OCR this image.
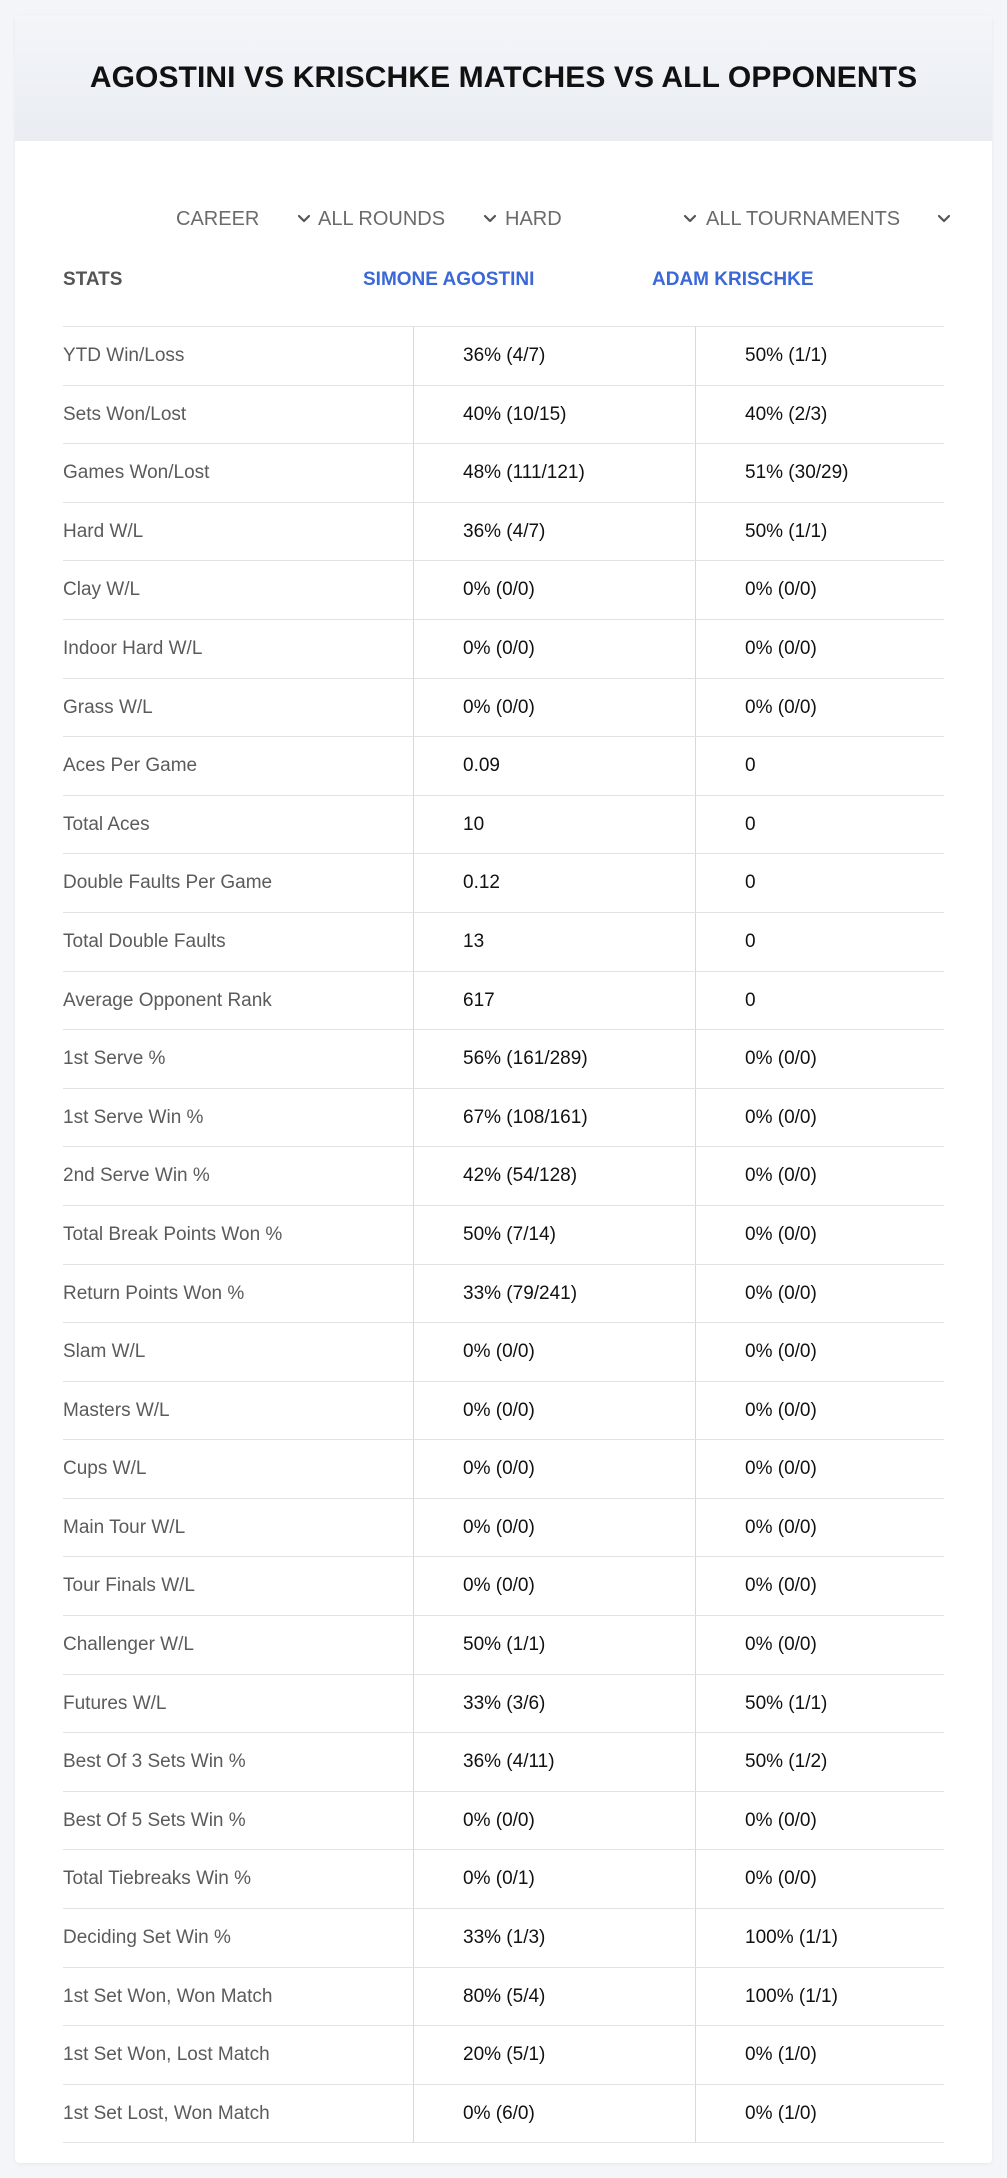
AGOSTINI VS KRISCHKE MATCHES VS ALL OPPONENTS
CAREER	ALL ROUNDS	HARD	ALL TOURNAMENTS
STATS	SIMONE AGOSTINI	ADAM KRISCHKE
YTD Win/Loss	36% (4/7)	50% (1/1)
Sets Won/Lost	40% (10/15)	40% (2/3)
Games Won/Lost	48% (111/121)	51% (30/29)
Hard W/L	36% (4/7)	50% (1/1)
Clay W/L	0% (0/0)	0% (0/0)
Indoor Hard W/L	0% (0/0)	0% (0/0)
Grass W/L	0% (0/0)	0% (0/0)
Aces Per Game	0.09	0
Total Aces	10	0
Double Faults Per Game	0.12	0
Total Double Faults	13	0
Average Opponent Rank	617	0
1st Serve %	56% (161/289)	0% (0/0)
1st Serve Win %	67% (108/161)	0% (0/0)
2nd Serve Win %	42% (54/128)	0% (0/0)
Total Break Points Won %	50% (7/14)	0% (0/0)
Return Points Won %	33% (79/241)	0% (0/0)
Slam W/L	0% (0/0)	0% (0/0)
Masters W/L	0% (0/0)	0% (0/0)
Cups W/L	0% (0/0)	0% (0/0)
Main Tour W/L	0% (0/0)	0% (0/0)
Tour Finals W/L	0% (0/0)	0% (0/0)
Challenger W/L	50% (1/1)	0% (0/0)
Futures W/L	33% (3/6)	50% (1/1)
Best Of 3 Sets Win %	36% (4/11)	50% (1/2)
Best Of 5 Sets Win %	0% (0/0)	0% (0/0)
Total Tiebreaks Win %	0% (0/1)	0% (0/0)
Deciding Set Win %	33% (1/3)	100% (1/1)
1st Set Won, Won Match	80% (5/4)	100% (1/1)
1st Set Won, Lost Match	20% (5/1)	0% (1/0)
1st Set Lost, Won Match	0% (6/0)	0% (1/0)
